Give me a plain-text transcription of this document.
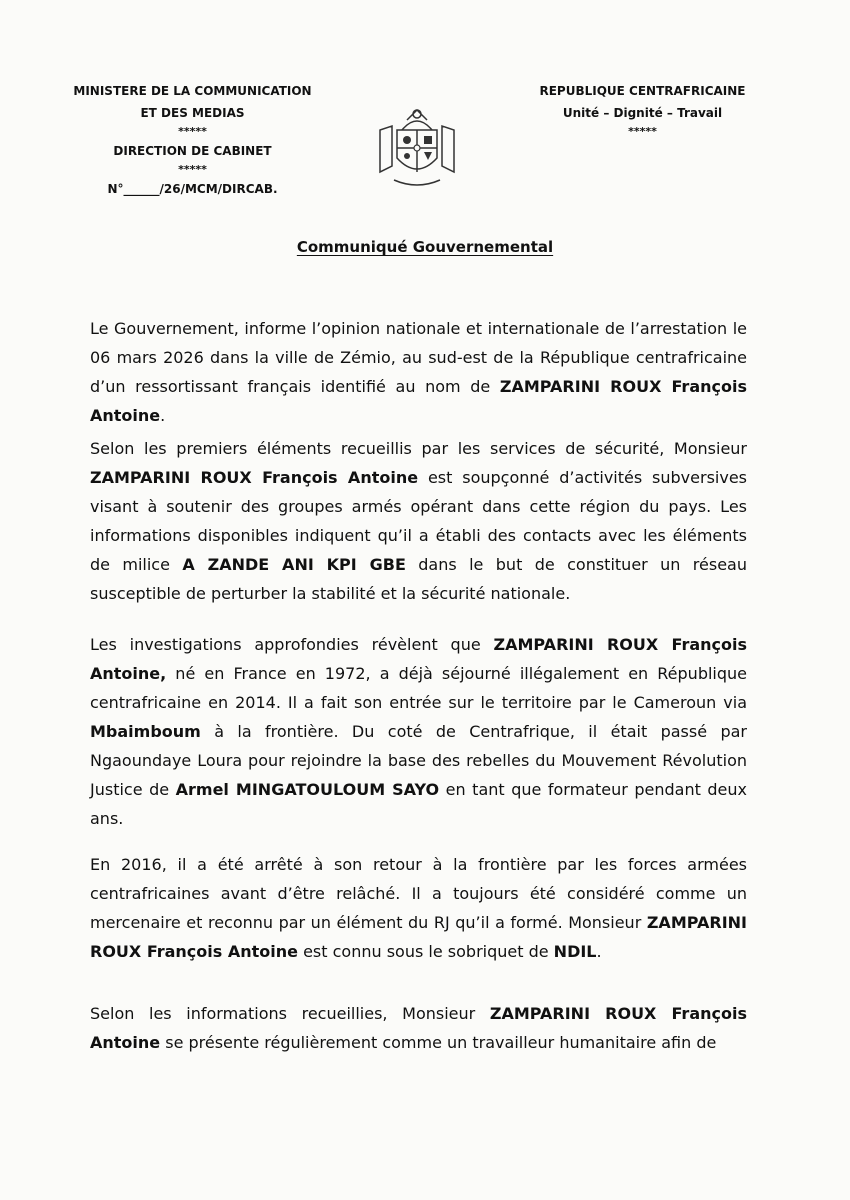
MINISTERE DE LA COMMUNICATION
ET DES MEDIAS
*****
DIRECTION DE CABINET
*****
N°______/26/MCM/DIRCAB.
REPUBLIQUE CENTRAFRICAINE
Unité – Dignité – Travail
*****
Communiqué Gouvernemental
Le Gouvernement, informe l’opinion nationale et internationale de l’arrestation le 06 mars 2026 dans la ville de Zémio, au sud-est de la République centrafricaine d’un ressortissant français identifié au nom de ZAMPARINI ROUX François Antoine.
Selon les premiers éléments recueillis par les services de sécurité, Monsieur ZAMPARINI ROUX François Antoine est soupçonné d’activités subversives visant à soutenir des groupes armés opérant dans cette région du pays. Les informations disponibles indiquent qu’il a établi des contacts avec les éléments de milice A ZANDE ANI KPI GBE dans le but de constituer un réseau susceptible de perturber la stabilité et la sécurité nationale.
Les investigations approfondies révèlent que ZAMPARINI ROUX François Antoine, né en France en 1972, a déjà séjourné illégalement en République centrafricaine en 2014. Il a fait son entrée sur le territoire par le Cameroun via Mbaimboum à la frontière. Du coté de Centrafrique, il était passé par Ngaoundaye Loura pour rejoindre la base des rebelles du Mouvement Révolution Justice de Armel MINGATOULOUM SAYO en tant que formateur pendant deux ans.
En 2016, il a été arrêté à son retour à la frontière par les forces armées centrafricaines avant d’être relâché. Il a toujours été considéré comme un mercenaire et reconnu par un élément du RJ qu’il a formé. Monsieur ZAMPARINI ROUX François Antoine est connu sous le sobriquet de NDIL.
Selon les informations recueillies, Monsieur ZAMPARINI ROUX François Antoine se présente régulièrement comme un travailleur humanitaire afin de
